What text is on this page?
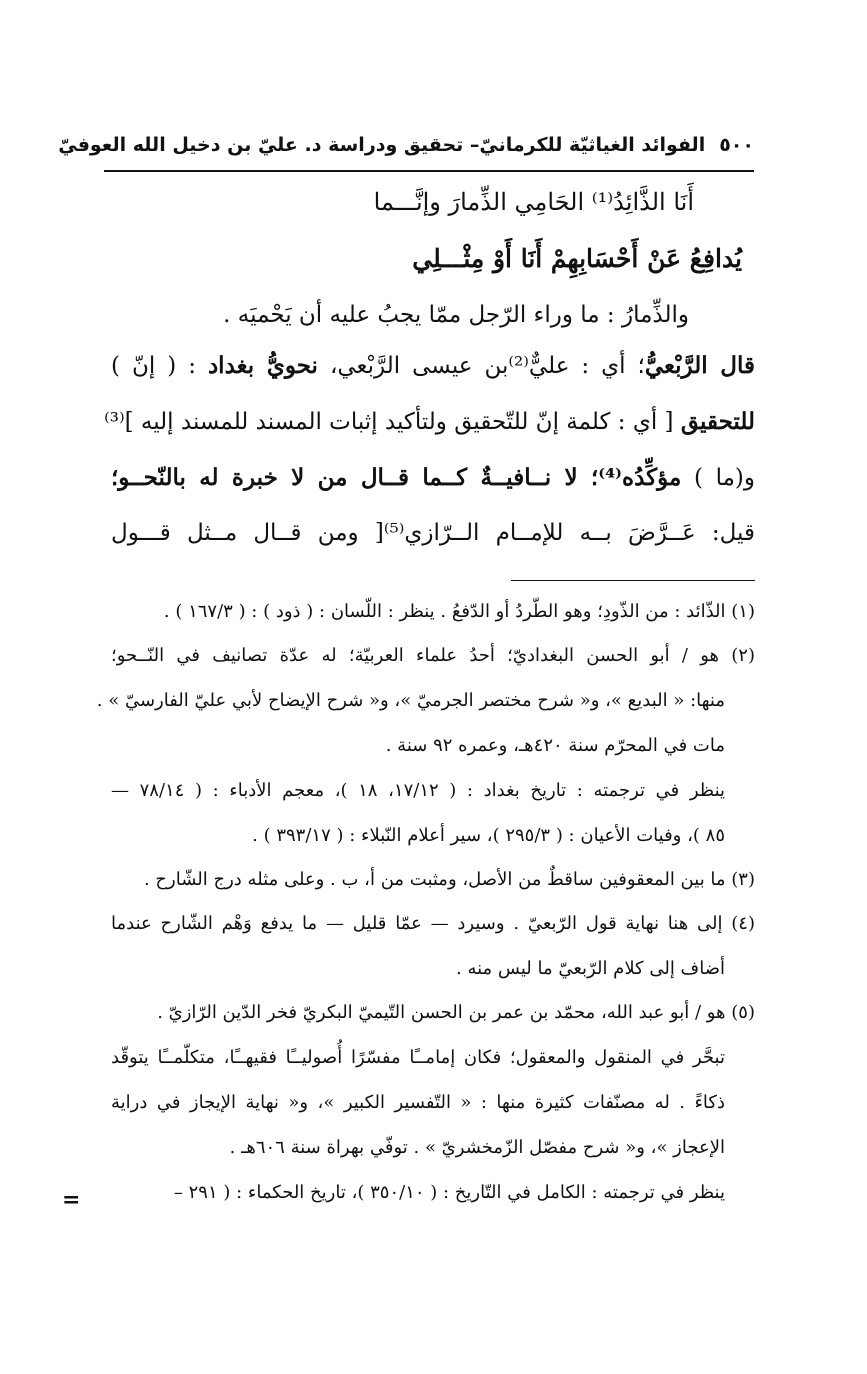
٥٠٠
الفوائد الغياثيّة للكرمانيّ– تحقيق ودراسة د. عليّ بن دخيل الله العوفيّ
أَنَا الذَّائِدُ⁽¹⁾ الحَامِي الذِّمارَ وإنَّـــما
يُدافِعُ عَنْ أَحْسَابِهِمْ أَنَا أَوْ مِثْـــلِي
والذِّمارُ : ما وراء الرّجل ممّا يجبُ عليه أن يَحْميَه .
قال الرَّبْعيُّ؛ أي : عليٌّ⁽²⁾بن عيسى الرَّبْعي، نحويُّ بغداد : ( إنّ )
للتحقيق [ أي : كلمة إنّ للتّحقيق ولتأكيد إثبات المسند للمسند إليه ]⁽³⁾
و(ما ) مؤكِّدُه⁽⁴⁾؛ لا نــافيــةٌ كــما قــال من لا خبرة له بالنّحــو؛
قيل: عَــرَّضَ بــه للإمــام الــرّازي⁽⁵⁾[ ومن قــال مــثل قـــول
(١) الذّائد : من الذّودِ؛ وهو الطّردُ أو الدّفعُ . ينظر : اللّسان : ( ذود ) : ( ١٦٧/٣ ) .
(٢) هو / أبو الحسن البغداديّ؛ أحدُ علماء العربيّة؛ له عدّة تصانيف في النّــحو؛
منها: « البديع »، و« شرح مختصر الجرميّ »، و« شرح الإيضاح لأبي عليّ الفارسيّ » .
مات في المحرّم سنة ٤٢٠هـ، وعمره ٩٢ سنة .
ينظر في ترجمته : تاريخ بغداد : ( ١٧/١٢، ١٨ )، معجم الأدباء : ( ٧٨/١٤ —
٨٥ )، وفيات الأعيان : ( ٢٩٥/٣ )، سير أعلام النّبلاء : ( ٣٩٣/١٧ ) .
(٣) ما بين المعقوفين ساقطٌ من الأصل، ومثبت من أ، ب . وعلى مثله درج الشّارح .
(٤) إلى هنا نهاية قول الرّبعيّ . وسيرد — عمّا قليل — ما يدفع وَهْم الشّارح عندما
أضاف إلى كلام الرّبعيّ ما ليس منه .
(٥) هو / أبو عبد الله، محمّد بن عمر بن الحسن التّيميّ البكريّ فخر الدّين الرّازيّ .
تبحَّر في المنقول والمعقول؛ فكان إمامــًا مفسّرًا أُصوليــًا فقيهــًا، متكلّمــًا يتوقّد
ذكاءً . له مصنّفات كثيرة منها : « التّفسير الكبير »، و« نهاية الإيجاز في دراية
الإعجاز »، و« شرح مفصّل الزّمخشريّ » . توفّي بهراة سنة ٦٠٦هـ .
ينظر في ترجمته : الكامل في التّاريخ : ( ٣٥٠/١٠ )، تاريخ الحكماء : ( ٢٩١ –
=
